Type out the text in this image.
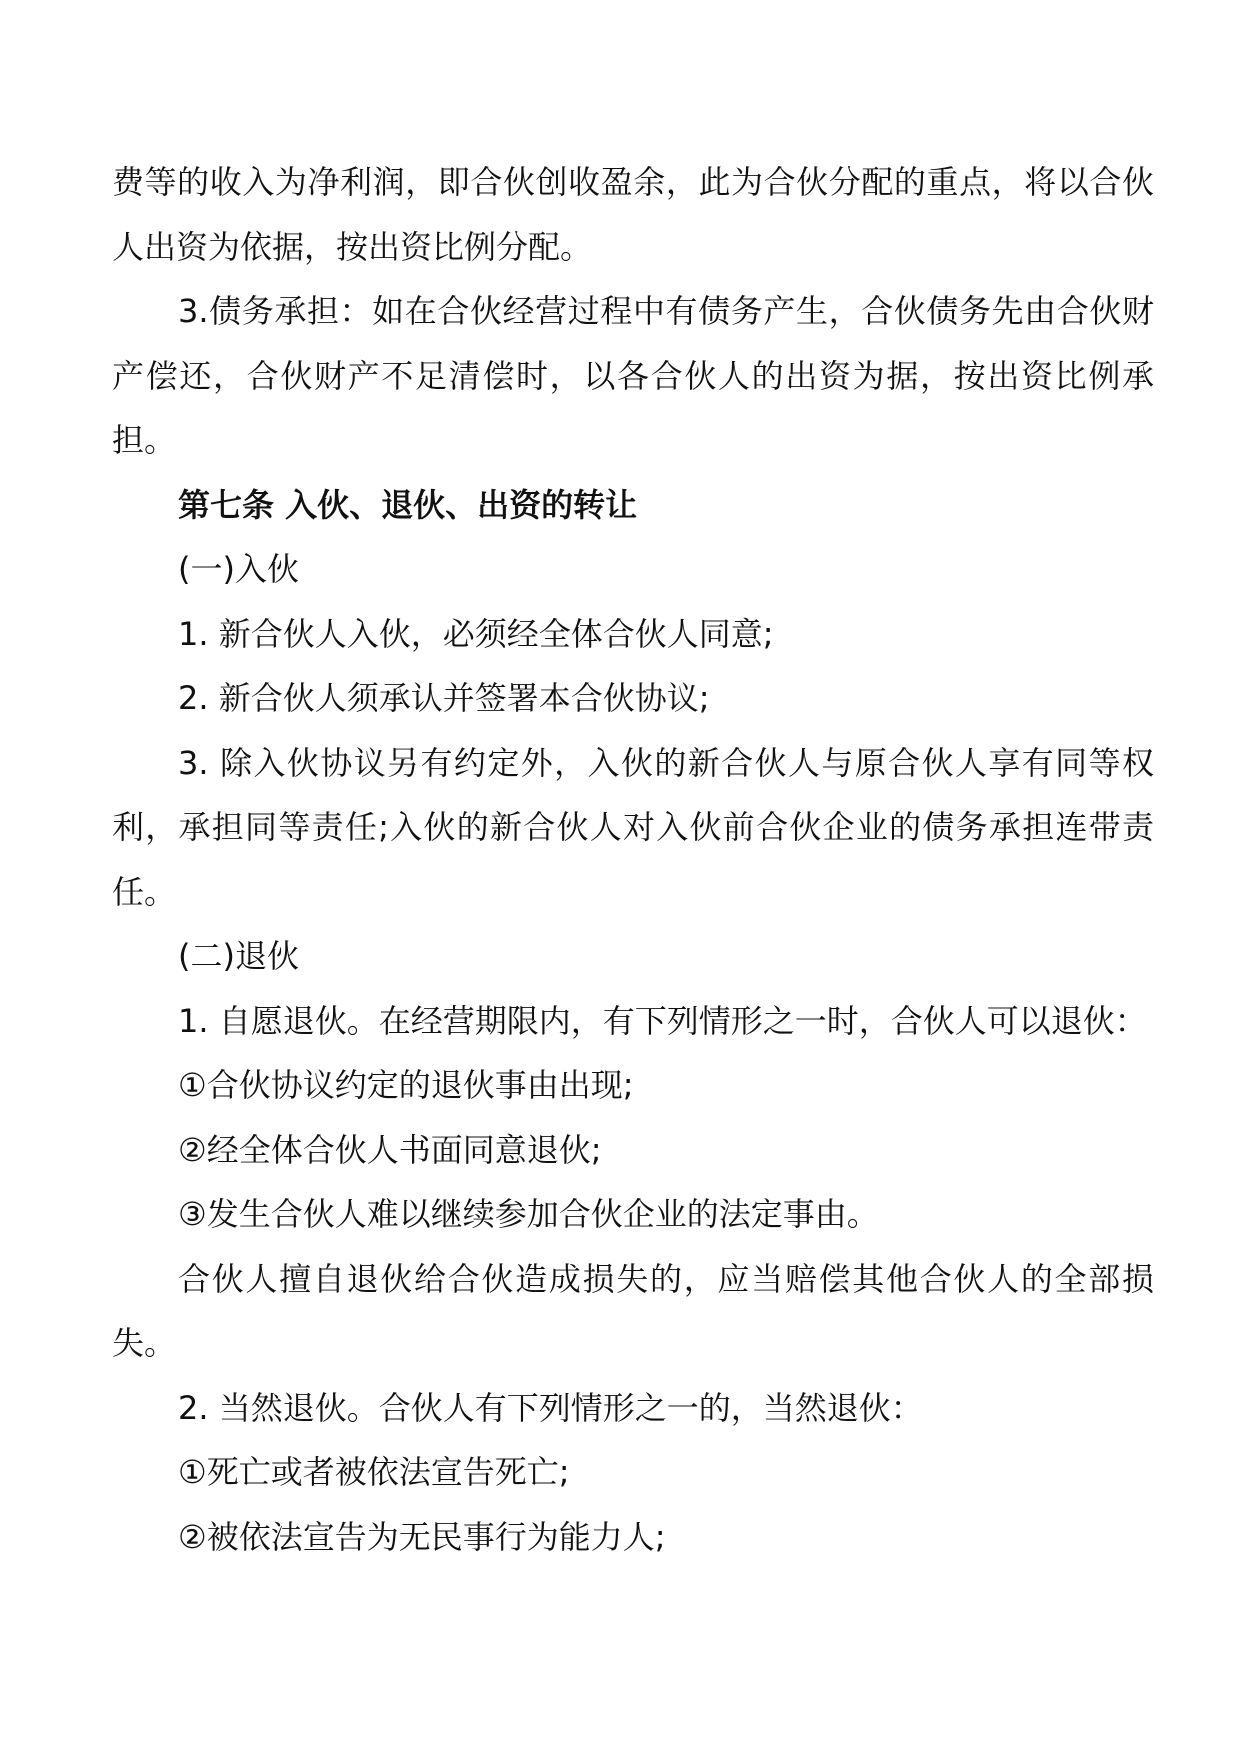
费等的收入为净利润，即合伙创收盈余，此为合伙分配的重点，将以合伙人出资为依据，按出资比例分配。

3.债务承担：如在合伙经营过程中有债务产生，合伙债务先由合伙财产偿还，合伙财产不足清偿时，以各合伙人的出资为据，按出资比例承担。

第七条 入伙、退伙、出资的转让

(一)入伙

1. 新合伙人入伙，必须经全体合伙人同意;

2. 新合伙人须承认并签署本合伙协议;

3. 除入伙协议另有约定外，入伙的新合伙人与原合伙人享有同等权利，承担同等责任;入伙的新合伙人对入伙前合伙企业的债务承担连带责任。

(二)退伙

1. 自愿退伙。在经营期限内，有下列情形之一时，合伙人可以退伙：

①合伙协议约定的退伙事由出现;

②经全体合伙人书面同意退伙;

③发生合伙人难以继续参加合伙企业的法定事由。

合伙人擅自退伙给合伙造成损失的，应当赔偿其他合伙人的全部损失。

2. 当然退伙。合伙人有下列情形之一的，当然退伙：

①死亡或者被依法宣告死亡;

②被依法宣告为无民事行为能力人;
